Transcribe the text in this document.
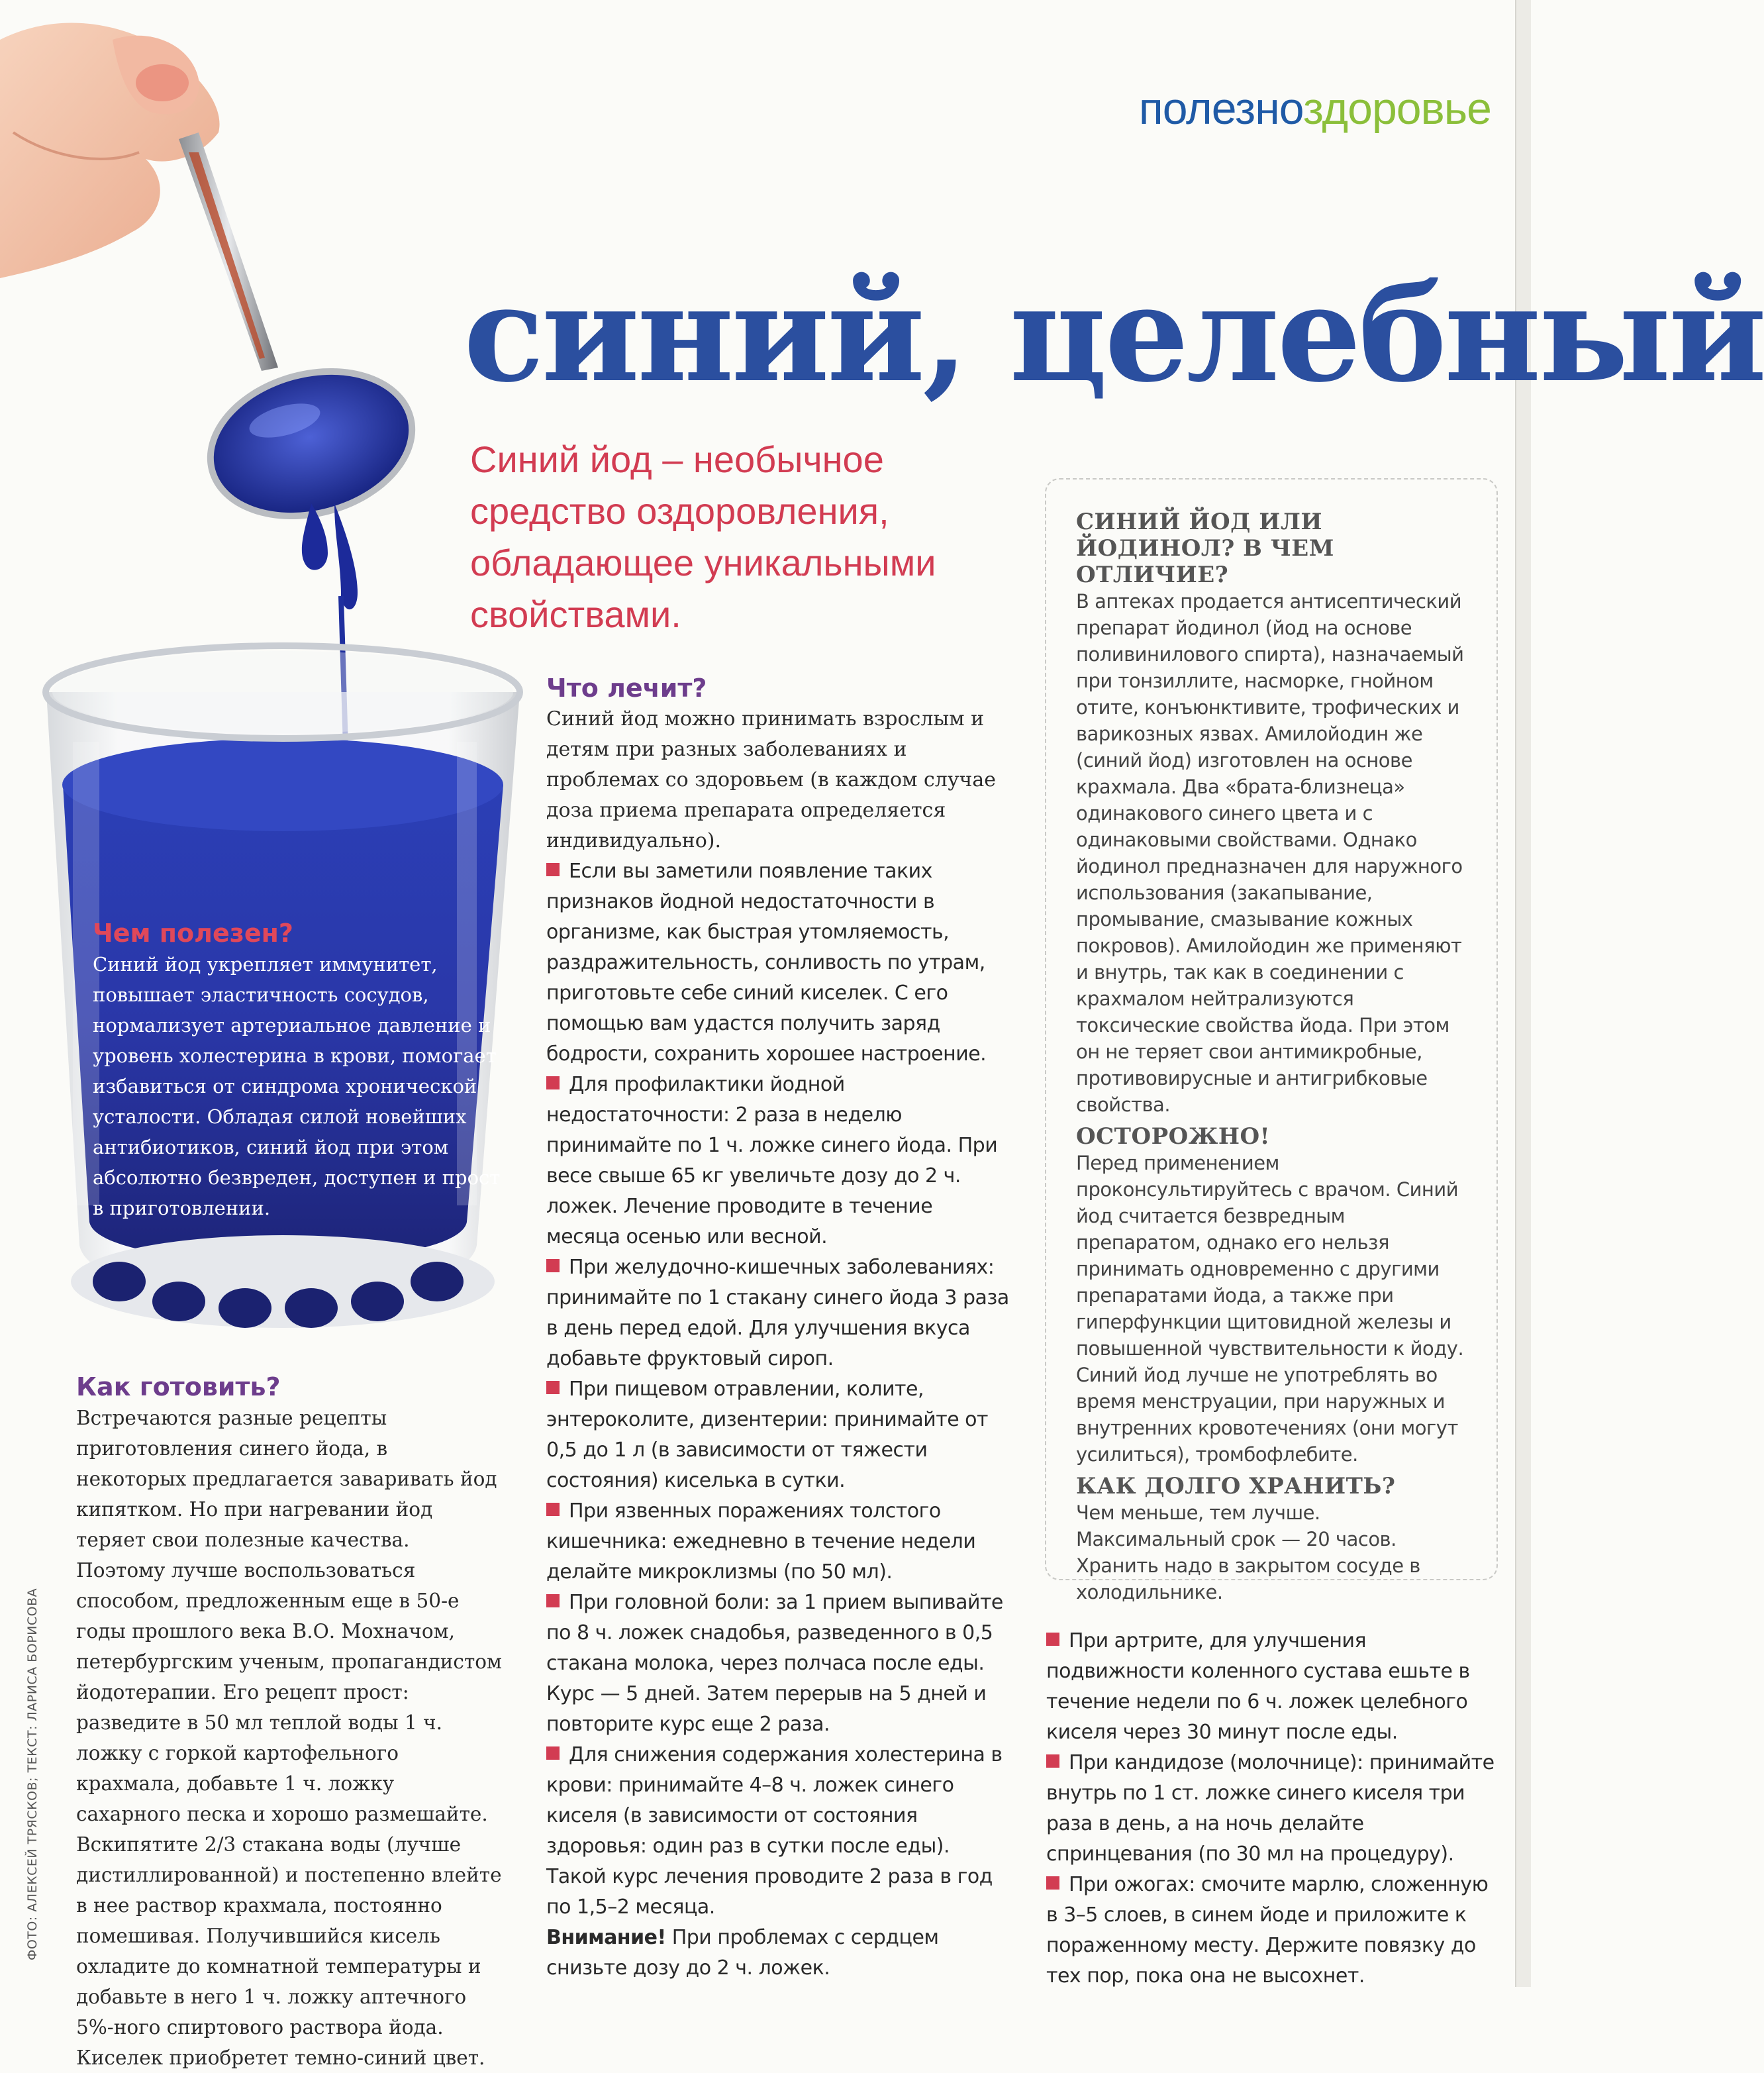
полезноздоровье
синий, целебный
Синий йод – необычное средство оздоровления, обладающее уникальными свойствами.
Чем полезен?

Синий йод укрепляет иммунитет, повышает эластичность сосудов, нормализует артериальное давление и уровень холестерина в крови, помогает избавиться от синдрома хронической усталости. Обладая силой новейших антибиотиков, синий йод при этом абсолютно безвреден, доступен и прост в приготовлении.

Как готовить?

Встречаются разные рецепты приготовления синего йода, в некоторых предлагается заваривать йод кипятком. Но при нагревании йод теряет свои полезные качества. Поэтому лучше воспользоваться способом, предложенным еще в 50-е годы прошлого века В.О. Мохначом, петербургским ученым, пропагандистом йодотерапии. Его рецепт прост: разведите в 50 мл теплой воды 1 ч. ложку с горкой картофельного крахмала, добавьте 1 ч. ложку сахарного песка и хорошо размешайте. Вскипятите 2/3 стакана воды (лучше дистиллированной) и постепенно влейте в нее раствор крахмала, постоянно помешивая. Получившийся кисель охладите до комнатной температуры и добавьте в него 1 ч. ложку аптечного 5%-ного спиртового раствора йода. Киселек приобретет темно-синий цвет.

Что лечит?

Синий йод можно принимать взрослым и детям при разных заболеваниях и проблемах со здоровьем (в каждом случае доза приема препарата определяется индивидуально).

Если вы заметили появление таких признаков йодной недостаточности в организме, как быстрая утомляемость, раздражительность, сонливость по утрам, приготовьте себе синий киселек. С его помощью вам удастся получить заряд бодрости, сохранить хорошее настроение.

Для профилактики йодной недостаточности: 2 раза в неделю принимайте по 1 ч. ложке синего йода. При весе свыше 65 кг увеличьте дозу до 2 ч. ложек. Лечение проводите в течение месяца осенью или весной.

При желудочно-кишечных заболеваниях: принимайте по 1 стакану синего йода 3 раза в день перед едой. Для улучшения вкуса добавьте фруктовый сироп.

При пищевом отравлении, колите, энтероколите, дизентерии: принимайте от 0,5 до 1 л (в зависимости от тяжести состояния) киселька в сутки.

При язвенных поражениях толстого кишечника: ежедневно в течение недели делайте микроклизмы (по 50 мл).

При головной боли: за 1 прием выпивайте по 8 ч. ложек снадобья, разведенного в 0,5 стакана молока, через полчаса после еды. Курс — 5 дней. Затем перерыв на 5 дней и повторите курс еще 2 раза.

Для снижения содержания холестерина в крови: принимайте 4–8 ч. ложек синего киселя (в зависимости от состояния здоровья: один раз в сутки после еды). Такой курс лечения проводите 2 раза в год по 1,5–2 месяца.

Внимание! При проблемах с сердцем снизьте дозу до 2 ч. ложек.

СИНИЙ ЙОД ИЛИ ЙОДИНОЛ? В ЧЕМ ОТЛИЧИЕ?

В аптеках продается антисептический препарат йодинол (йод на основе поливинилового спирта), назначаемый при тонзиллите, насморке, гнойном отите, конъюнктивите, трофических и варикозных язвах. Амилойодин же (синий йод) изготовлен на основе крахмала. Два «брата-близнеца» одинакового синего цвета и с одинаковыми свойствами. Однако йодинол предназначен для наружного использования (закапывание, промывание, смазывание кожных покровов). Амилойодин же применяют и внутрь, так как в соединении с крахмалом нейтрализуются токсические свойства йода. При этом он не теряет свои антимикробные, противовирусные и антигрибковые свойства.

ОСТОРОЖНО!

Перед применением проконсультируйтесь с врачом. Синий йод считается безвредным препаратом, однако его нельзя принимать одновременно с другими препаратами йода, а также при гиперфункции щитовидной железы и повышенной чувствительности к йоду.

Синий йод лучше не употреблять во время менструации, при наружных и внутренних кровотечениях (они могут усилиться), тромбофлебите.

КАК ДОЛГО ХРАНИТЬ?

Чем меньше, тем лучше. Максимальный срок — 20 часов. Хранить надо в закрытом сосуде в холодильнике.

При артрите, для улучшения подвижности коленного сустава ешьте в течение недели по 6 ч. ложек целебного киселя через 30 минут после еды.

При кандидозе (молочнице): принимайте внутрь по 1 ст. ложке синего киселя три раза в день, а на ночь делайте спринцевания (по 30 мл на процедуру).

При ожогах: смочите марлю, сложенную в 3–5 слоев, в синем йоде и приложите к пораженному месту. Держите повязку до тех пор, пока она не высохнет.

ФОТО: АЛЕКСЕЙ ТРЯСКОВ; ТЕКСТ: ЛАРИСА БОРИСОВА
